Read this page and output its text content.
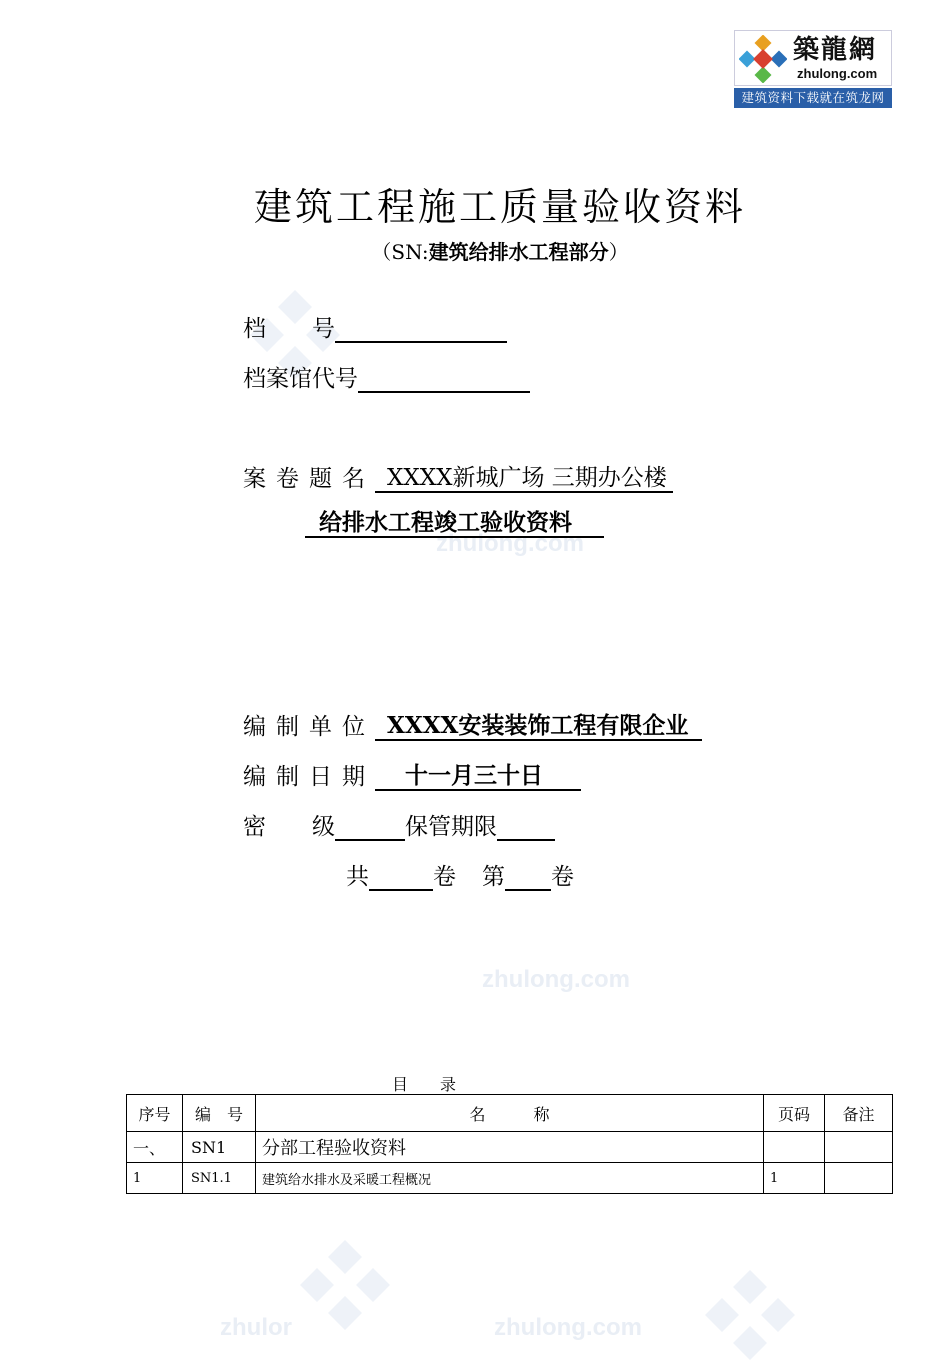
築龍網
zhulong.com
建筑资料下载就在筑龙网
zhulong.com
zhulong.com
zhulor	zhulong.com
建筑工程施工质量验收资料
（SN:建筑给排水工程部分）
档　　号
档案馆代号
案卷题名 XXXX新城广场 三期办公楼
给排水工程竣工验收资料
编制单位 XXXX安装装饰工程有限企业
编制日期 十一月三十日
密　　级	保管期限
共	卷 第 卷
目录
序号	编　号	名　　　称	页码	备注
一、	SN1	分部工程验收资料		
1	SN1.1	建筑给水排水及采暖工程概况	1	
